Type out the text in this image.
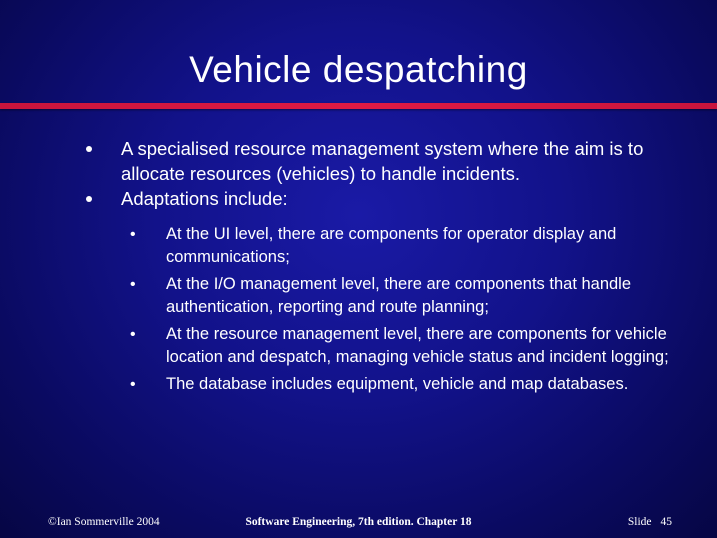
Vehicle despatching
A specialised resource management system where the aim is to allocate resources (vehicles) to handle incidents.
Adaptations include:
• At the UI level, there are components for operator display and communications;
• At the I/O management level, there are components that handle authentication, reporting and route planning;
• At the resource management level, there are components for vehicle location and despatch, managing vehicle status and incident logging;
• The database includes equipment, vehicle and map databases.
Software Engineering, 7th edition. Chapter 18
©Ian Sommerville 2004	Slide 45
